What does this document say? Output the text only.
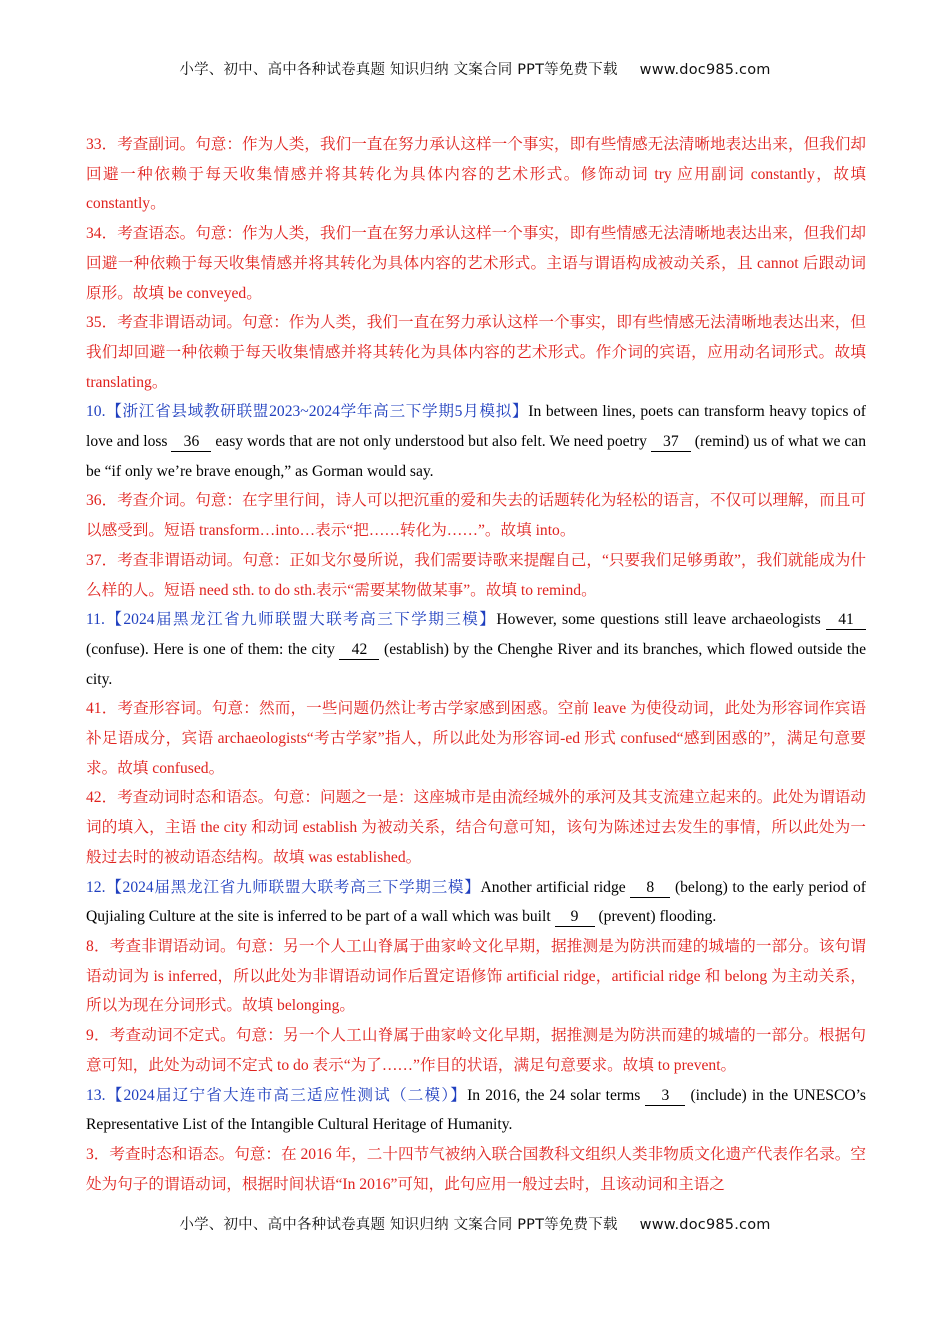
小学、初中、高中各种试卷真题 知识归纳 文案合同 PPT等免费下载 www.doc985.com

33．考查副词。句意：作为人类，我们一直在努力承认这样一个事实，即有些情感无法清晰地表达出来，但我们却回避一种依赖于每天收集情感并将其转化为具体内容的艺术形式。修饰动词 try 应用副词 constantly，故填 constantly。

34．考查语态。句意：作为人类，我们一直在努力承认这样一个事实，即有些情感无法清晰地表达出来，但我们却回避一种依赖于每天收集情感并将其转化为具体内容的艺术形式。主语与谓语构成被动关系，且 cannot 后跟动词原形。故填 be conveyed。

35．考查非谓语动词。句意：作为人类，我们一直在努力承认这样一个事实，即有些情感无法清晰地表达出来，但我们却回避一种依赖于每天收集情感并将其转化为具体内容的艺术形式。作介词的宾语，应用动名词形式。故填 translating。

10.【浙江省县域教研联盟2023~2024学年高三下学期5月模拟】In between lines, poets can transform heavy topics of love and loss 36 easy words that are not only understood but also felt. We need poetry 37 (remind) us of what we can be “if only we’re brave enough,” as Gorman would say.

36．考查介词。句意：在字里行间，诗人可以把沉重的爱和失去的话题转化为轻松的语言，不仅可以理解，而且可以感受到。短语 transform…into…表示“把……转化为……”。故填 into。

37．考查非谓语动词。句意：正如戈尔曼所说，我们需要诗歌来提醒自己，“只要我们足够勇敢”，我们就能成为什么样的人。短语 need sth. to do sth.表示“需要某物做某事”。故填 to remind。

11.【2024届黑龙江省九师联盟大联考高三下学期三模】However, some questions still leave archaeologists 41 (confuse). Here is one of them: the city 42 (establish) by the Chenghe River and its branches, which flowed outside the city.

41．考查形容词。句意：然而，一些问题仍然让考古学家感到困惑。空前 leave 为使役动词，此处为形容词作宾语补足语成分，宾语 archaeologists“考古学家”指人，所以此处为形容词-ed 形式 confused“感到困惑的”，满足句意要求。故填 confused。

42．考查动词时态和语态。句意：问题之一是：这座城市是由流经城外的承河及其支流建立起来的。此处为谓语动词的填入，主语 the city 和动词 establish 为被动关系，结合句意可知，该句为陈述过去发生的事情，所以此处为一般过去时的被动语态结构。故填 was established。

12.【2024届黑龙江省九师联盟大联考高三下学期三模】Another artificial ridge 8 (belong) to the early period of Qujialing Culture at the site is inferred to be part of a wall which was built 9 (prevent) flooding.

8．考查非谓语动词。句意：另一个人工山脊属于曲家岭文化早期，据推测是为防洪而建的城墙的一部分。该句谓语动词为 is inferred，所以此处为非谓语动词作后置定语修饰 artificial ridge，artificial ridge 和 belong 为主动关系，所以为现在分词形式。故填 belonging。

9．考查动词不定式。句意：另一个人工山脊属于曲家岭文化早期，据推测是为防洪而建的城墙的一部分。根据句意可知，此处为动词不定式 to do 表示“为了……”作目的状语，满足句意要求。故填 to prevent。

13.【2024届辽宁省大连市高三适应性测试（二模）】In 2016, the 24 solar terms 3 (include) in the UNESCO’s Representative List of the Intangible Cultural Heritage of Humanity.

3．考查时态和语态。句意：在 2016 年，二十四节气被纳入联合国教科文组织人类非物质文化遗产代表作名录。空处为句子的谓语动词，根据时间状语“In 2016”可知，此句应用一般过去时，且该动词和主语之

小学、初中、高中各种试卷真题 知识归纳 文案合同 PPT等免费下载 www.doc985.com
